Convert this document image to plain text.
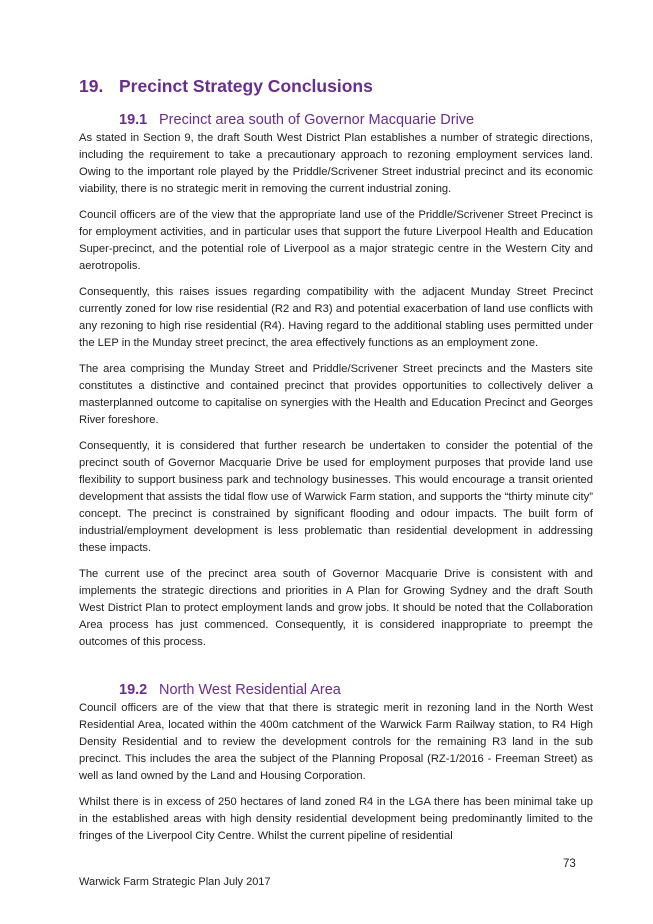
19. Precinct Strategy Conclusions
19.1 Precinct area south of Governor Macquarie Drive

As stated in Section 9, the draft South West District Plan establishes a number of strategic directions, including the requirement to take a precautionary approach to rezoning employment services land. Owing to the important role played by the Priddle/Scrivener Street industrial precinct and its economic viability, there is no strategic merit in removing the current industrial zoning.

Council officers are of the view that the appropriate land use of the Priddle/Scrivener Street Precinct is for employment activities, and in particular uses that support the future Liverpool Health and Education Super-precinct, and the potential role of Liverpool as a major strategic centre in the Western City and aerotropolis.

Consequently, this raises issues regarding compatibility with the adjacent Munday Street Precinct currently zoned for low rise residential (R2 and R3) and potential exacerbation of land use conflicts with any rezoning to high rise residential (R4). Having regard to the additional stabling uses permitted under the LEP in the Munday street precinct, the area effectively functions as an employment zone.

The area comprising the Munday Street and Priddle/Scrivener Street precincts and the Masters site constitutes a distinctive and contained precinct that provides opportunities to collectively deliver a masterplanned outcome to capitalise on synergies with the Health and Education Precinct and Georges River foreshore.

Consequently, it is considered that further research be undertaken to consider the potential of the precinct south of Governor Macquarie Drive be used for employment purposes that provide land use flexibility to support business park and technology businesses. This would encourage a transit oriented development that assists the tidal flow use of Warwick Farm station, and supports the “thirty minute city” concept. The precinct is constrained by significant flooding and odour impacts. The built form of industrial/employment development is less problematic than residential development in addressing these impacts.

The current use of the precinct area south of Governor Macquarie Drive is consistent with and implements the strategic directions and priorities in A Plan for Growing Sydney and the draft South West District Plan to protect employment lands and grow jobs. It should be noted that the Collaboration Area process has just commenced. Consequently, it is considered inappropriate to preempt the outcomes of this process.

19.2 North West Residential Area

Council officers are of the view that that there is strategic merit in rezoning land in the North West Residential Area, located within the 400m catchment of the Warwick Farm Railway station, to R4 High Density Residential and to review the development controls for the remaining R3 land in the sub precinct. This includes the area the subject of the Planning Proposal (RZ-1/2016 - Freeman Street) as well as land owned by the Land and Housing Corporation.

Whilst there is in excess of 250 hectares of land zoned R4 in the LGA there has been minimal take up in the established areas with high density residential development being predominantly limited to the fringes of the Liverpool City Centre. Whilst the current pipeline of residential

73
Warwick Farm Strategic Plan July 2017
